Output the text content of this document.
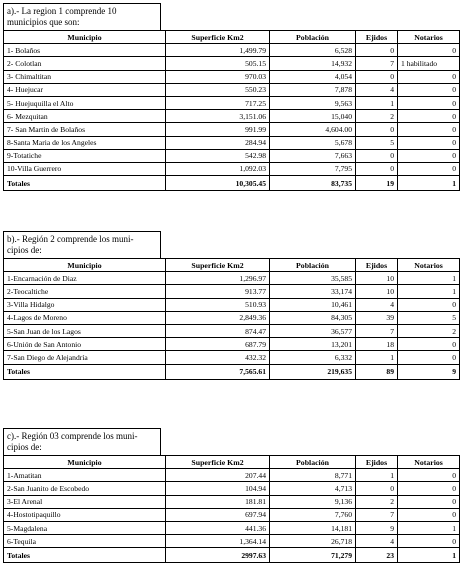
a).- La region 1 comprende 10
municipios que son:
Municipio	Superficie Km2	Población	Ejidos	Notarios
1- Bolaños	1,499.79	6,528	0	0
2- Colotlan	505.15	14,932	7	1 habilitado
3- Chimaltitan	970.03	4,054	0	0
4- Huejucar	550.23	7,878	4	0
5- Huejuquilla el Alto	717.25	9,563	1	0
6- Mezquitan	3,151.06	15,040	2	0
7- San Martin de Bolaños	991.99	4,604.00	0	0
8-Santa Maria de los Angeles	284.94	5,678	5	0
9-Totatiche	542.98	7,663	0	0
10-Villa Guerrero	1,092.03	7,795	0	0
Totales	10,305.45	83,735	19	1
b).- Región 2 comprende los muni-
cipios de:
Municipio	Superficie Km2	Población	Ejidos	Notarios
1-Encarnación de Diaz	1,296.97	35,585	10	1
2-Teocaltiche	913.77	33,174	10	1
3-Villa Hidalgo	510.93	10,461	4	0
4-Lagos de Moreno	2,849.36	84,305	39	5
5-San Juan de los Lagos	874.47	36,577	7	2
6-Unión de San Antonio	687.79	13,201	18	0
7-San Diego de Alejandría	432.32	6,332	1	0
Totales	7,565.61	219,635	89	9
c).- Región 03 comprende los muni-
cipios de:
Municipio	Superficie Km2	Población	Ejidos	Notarios
1-Amatitan	207.44	8,771	1	0
2-San Juanito de Escobedo	104.94	4,713	0	0
3-El Arenal	181.81	9,136	2	0
4-Hostotipaquillo	697.94	7,760	7	0
5-Magdalena	441.36	14,181	9	1
6-Tequila	1,364.14	26,718	4	0
Totales	2997.63	71,279	23	1
